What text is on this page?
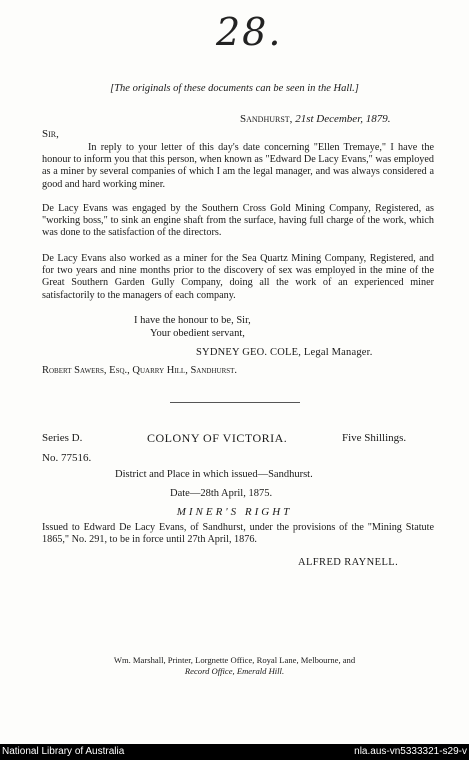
28.
[The originals of these documents can be seen in the Hall.]
Sandhurst, 21st December, 1879.
Sir,

In reply to your letter of this day's date concerning "Ellen Tremaye," I have the honour to inform you that this person, when known as "Edward De Lacy Evans," was employed as a miner by several companies of which I am the legal manager, and was always considered a good and hard working miner.

De Lacy Evans was engaged by the Southern Cross Gold Mining Company, Registered, as "working boss," to sink an engine shaft from the surface, having full charge of the work, which was done to the satisfaction of the directors.

De Lacy Evans also worked as a miner for the Sea Quartz Mining Company, Registered, and for two years and nine months prior to the discovery of sex was employed in the mine of the Great Southern Garden Gully Company, doing all the work of an experienced miner satisfactorily to the managers of each company.

I have the honour to be, Sir,
Your obedient servant,
SYDNEY GEO. COLE, Legal Manager.
Robert Sawers, Esq., Quarry Hill, Sandhurst.
Series D.	COLONY OF VICTORIA.	Five Shillings.
No. 77516.
District and Place in which issued—Sandhurst.
Date—28th April, 1875.
MINER'S RIGHT

Issued to Edward De Lacy Evans, of Sandhurst, under the provisions of the "Mining Statute 1865," No. 291, to be in force until 27th April, 1876.

ALFRED RAYNELL.
Wm. Marshall, Printer, Lorgnette Office, Royal Lane, Melbourne, and
Record Office, Emerald Hill.
National Library of Australia	nla.aus-vn5333321-s29-v
